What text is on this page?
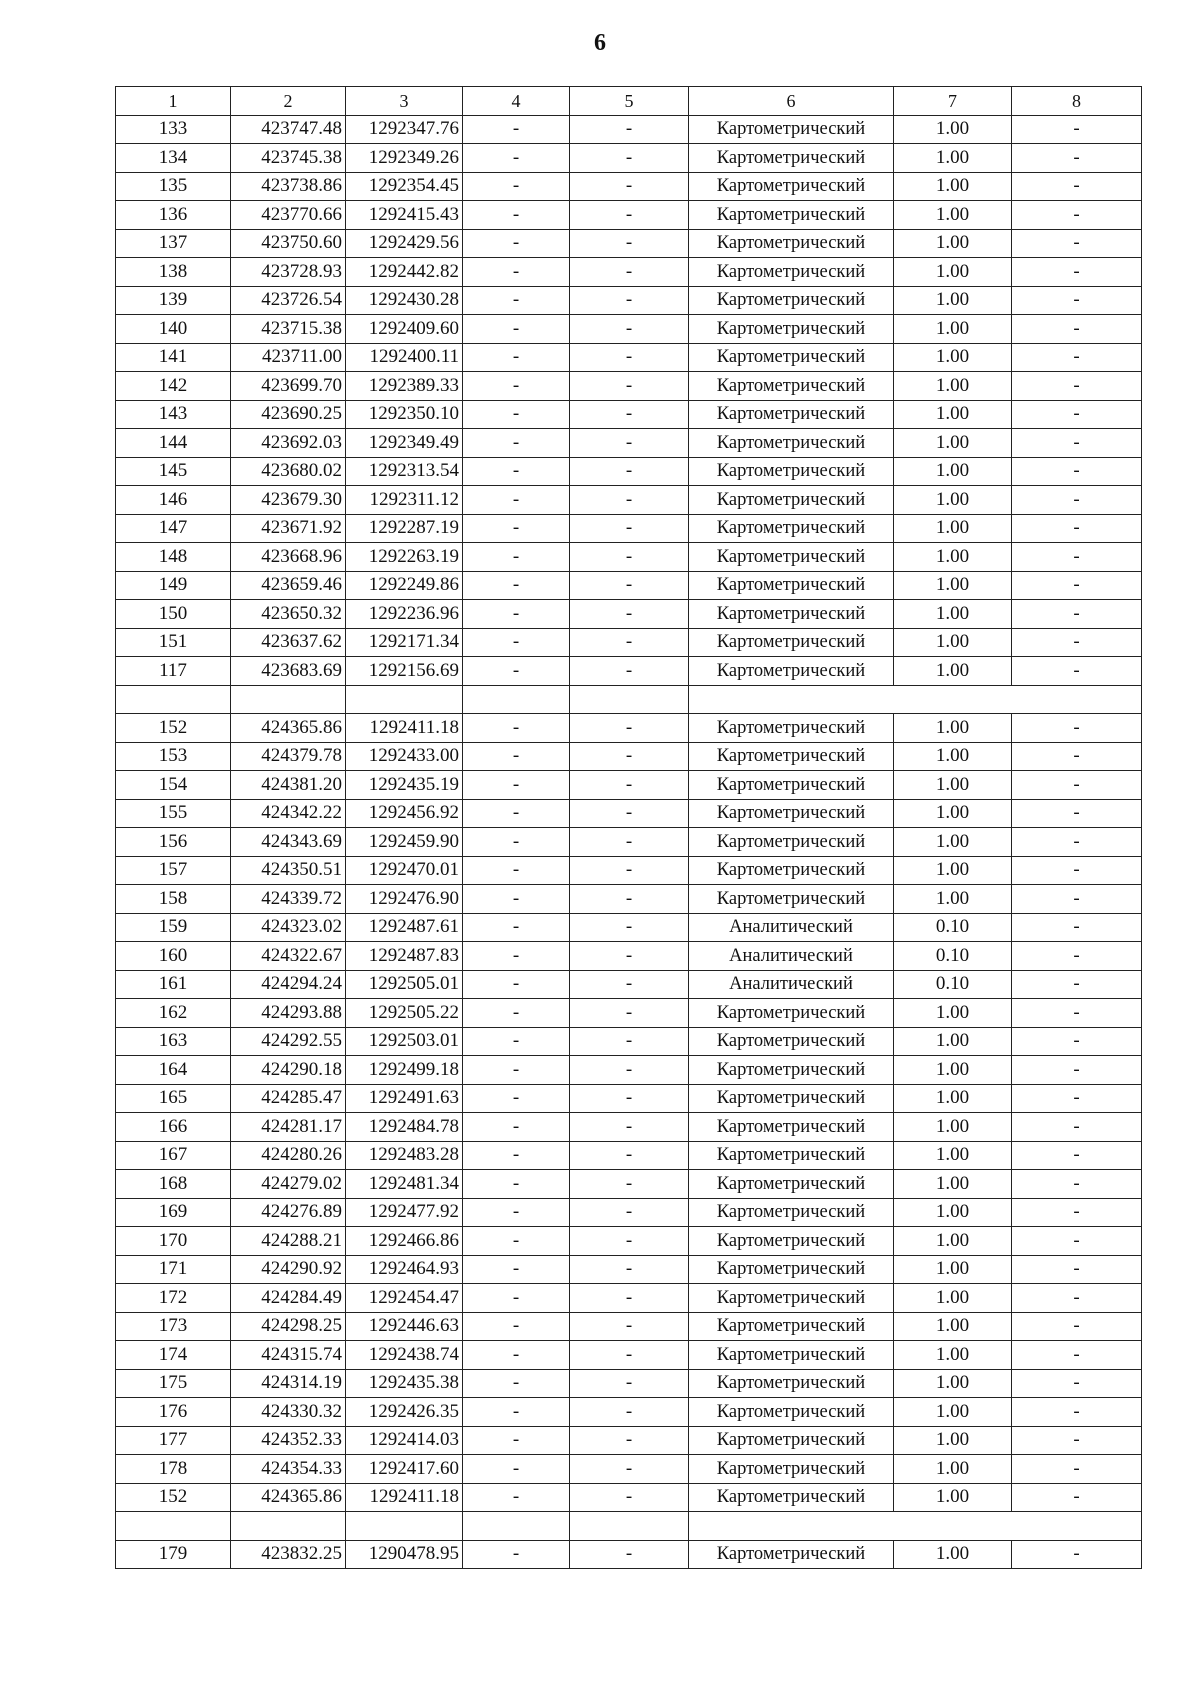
6
1	2	3	4	5	6	7	8
133	423747.48	1292347.76	-	-	Картометрический	1.00	-
134	423745.38	1292349.26	-	-	Картометрический	1.00	-
135	423738.86	1292354.45	-	-	Картометрический	1.00	-
136	423770.66	1292415.43	-	-	Картометрический	1.00	-
137	423750.60	1292429.56	-	-	Картометрический	1.00	-
138	423728.93	1292442.82	-	-	Картометрический	1.00	-
139	423726.54	1292430.28	-	-	Картометрический	1.00	-
140	423715.38	1292409.60	-	-	Картометрический	1.00	-
141	423711.00	1292400.11	-	-	Картометрический	1.00	-
142	423699.70	1292389.33	-	-	Картометрический	1.00	-
143	423690.25	1292350.10	-	-	Картометрический	1.00	-
144	423692.03	1292349.49	-	-	Картометрический	1.00	-
145	423680.02	1292313.54	-	-	Картометрический	1.00	-
146	423679.30	1292311.12	-	-	Картометрический	1.00	-
147	423671.92	1292287.19	-	-	Картометрический	1.00	-
148	423668.96	1292263.19	-	-	Картометрический	1.00	-
149	423659.46	1292249.86	-	-	Картометрический	1.00	-
150	423650.32	1292236.96	-	-	Картометрический	1.00	-
151	423637.62	1292171.34	-	-	Картометрический	1.00	-
117	423683.69	1292156.69	-	-	Картометрический	1.00	-

152	424365.86	1292411.18	-	-	Картометрический	1.00	-
153	424379.78	1292433.00	-	-	Картометрический	1.00	-
154	424381.20	1292435.19	-	-	Картометрический	1.00	-
155	424342.22	1292456.92	-	-	Картометрический	1.00	-
156	424343.69	1292459.90	-	-	Картометрический	1.00	-
157	424350.51	1292470.01	-	-	Картометрический	1.00	-
158	424339.72	1292476.90	-	-	Картометрический	1.00	-
159	424323.02	1292487.61	-	-	Аналитический	0.10	-
160	424322.67	1292487.83	-	-	Аналитический	0.10	-
161	424294.24	1292505.01	-	-	Аналитический	0.10	-
162	424293.88	1292505.22	-	-	Картометрический	1.00	-
163	424292.55	1292503.01	-	-	Картометрический	1.00	-
164	424290.18	1292499.18	-	-	Картометрический	1.00	-
165	424285.47	1292491.63	-	-	Картометрический	1.00	-
166	424281.17	1292484.78	-	-	Картометрический	1.00	-
167	424280.26	1292483.28	-	-	Картометрический	1.00	-
168	424279.02	1292481.34	-	-	Картометрический	1.00	-
169	424276.89	1292477.92	-	-	Картометрический	1.00	-
170	424288.21	1292466.86	-	-	Картометрический	1.00	-
171	424290.92	1292464.93	-	-	Картометрический	1.00	-
172	424284.49	1292454.47	-	-	Картометрический	1.00	-
173	424298.25	1292446.63	-	-	Картометрический	1.00	-
174	424315.74	1292438.74	-	-	Картометрический	1.00	-
175	424314.19	1292435.38	-	-	Картометрический	1.00	-
176	424330.32	1292426.35	-	-	Картометрический	1.00	-
177	424352.33	1292414.03	-	-	Картометрический	1.00	-
178	424354.33	1292417.60	-	-	Картометрический	1.00	-
152	424365.86	1292411.18	-	-	Картометрический	1.00	-

179	423832.25	1290478.95	-	-	Картометрический	1.00	-
